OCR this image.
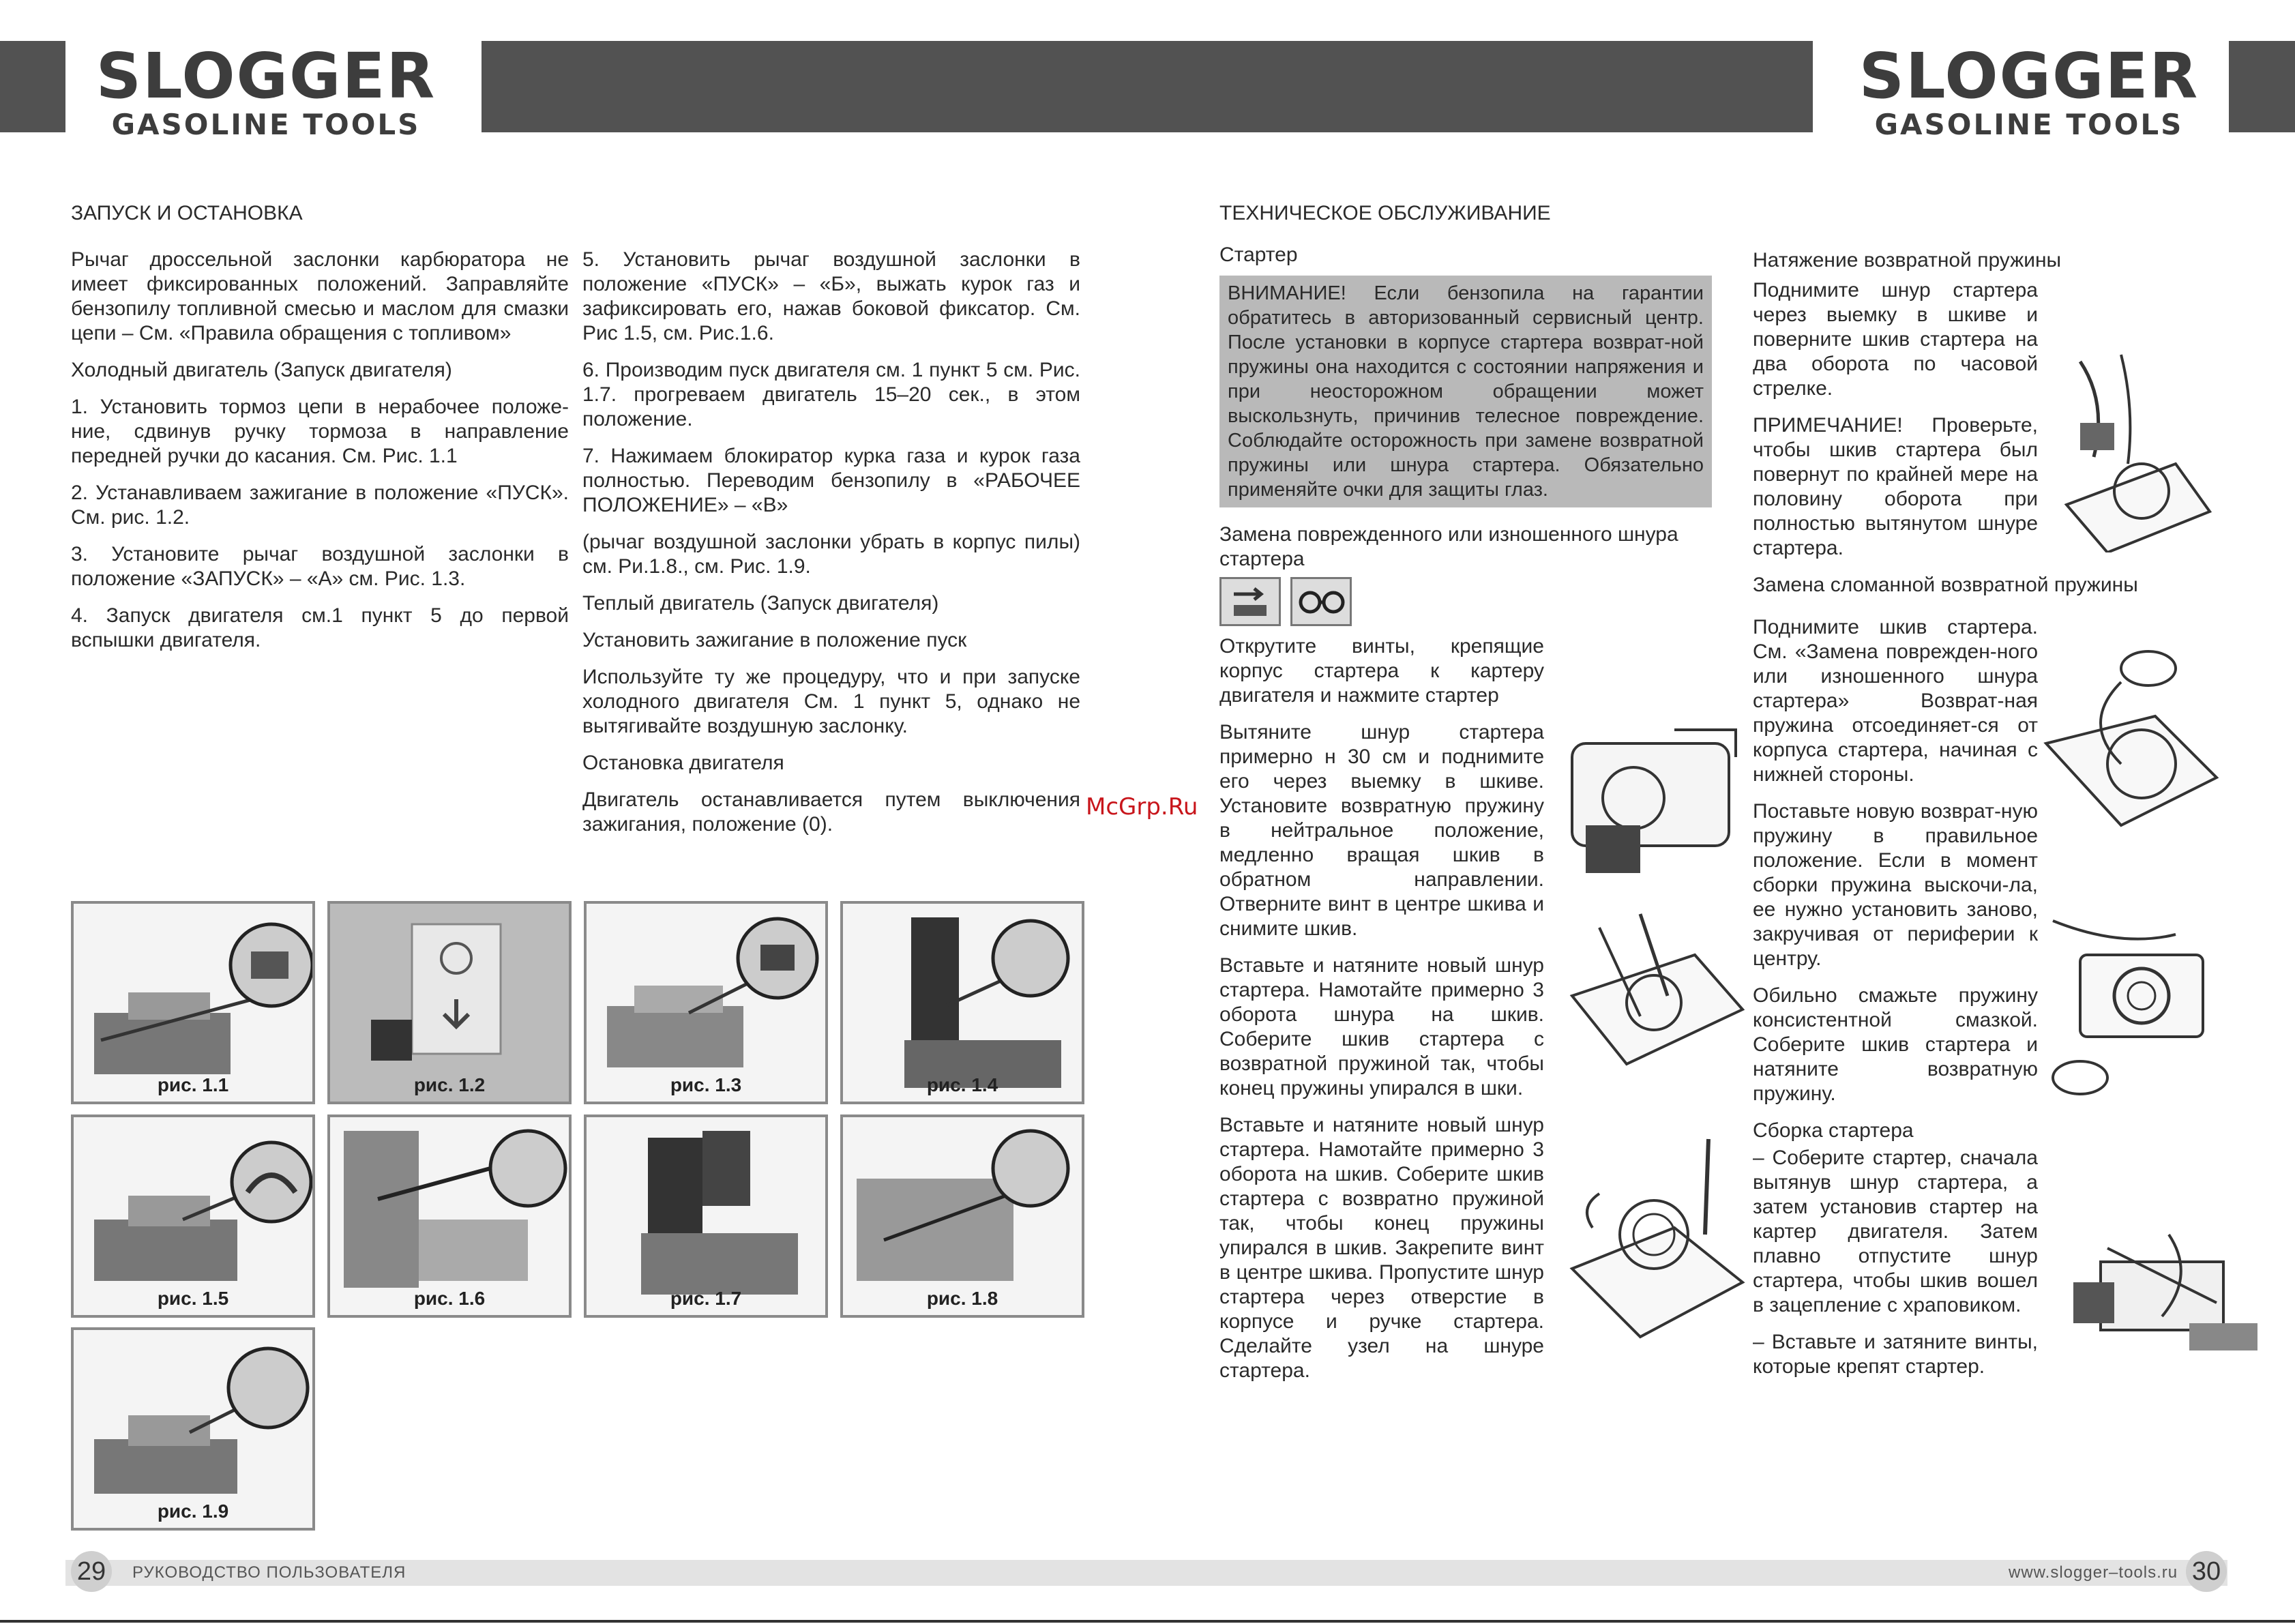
SLOGGER
GASOLINE TOOLS
SLOGGER
GASOLINE TOOLS
ЗАПУСК И ОСТАНОВКА

Рычаг дроссельной заслонки карбюратора не имеет фиксированных положений. Заправляйте бензопилу топливной смесью и маслом для смазки цепи – См. «Правила обращения с топливом»

Холодный двигатель (Запуск двигателя)

1. Установить тормоз цепи в нерабочее положе-ние, сдвинув ручку тормоза в направление передней ручки до касания. См. Рис. 1.1

2. Устанавливаем зажигание в положение «ПУСК». См. рис. 1.2.

3. Установите рычаг воздушной заслонки в положение «ЗАПУСК» – «А» см. Рис. 1.3.

4. Запуск двигателя см.1 пункт 5 до первой вспышки двигателя.

5. Установить рычаг воздушной заслонки в положение «ПУСК» – «Б», выжать курок газ и зафиксировать его, нажав боковой фиксатор. См. Рис 1.5, см. Рис.1.6.

6. Производим пуск двигателя см. 1 пункт 5 см. Рис. 1.7. прогреваем двигатель 15–20 сек., в этом положение.

7. Нажимаем блокиратор курка газа и курок газа полностью. Переводим бензопилу в «РАБОЧЕЕ ПОЛОЖЕНИЕ» – «В»

(рычаг воздушной заслонки убрать в корпус пилы) см. Ри.1.8., см. Рис. 1.9.

Теплый двигатель (Запуск двигателя)

Установить зажигание в положение пуск

Используйте ту же процедуру, что и при запуске холодного двигателя См. 1 пункт 5, однако не вытягивайте воздушную заслонку.

Остановка двигателя

Двигатель останавливается путем выключения зажигания, положение (0).

McGrp.Ru
рис. 1.1	рис. 1.2	рис. 1.3	рис. 1.4
рис. 1.5	рис. 1.6	рис. 1.7	рис. 1.8
рис. 1.9
ТЕХНИЧЕСКОЕ ОБСЛУЖИВАНИЕ
Стартер
ВНИМАНИЕ! Если бензопила на гарантии обратитесь в авторизованный сервисный центр. После установки в корпусе стартера возврат-ной пружины она находится с состоянии напряжения и при неосторожном обращении может выскользнуть, причинив телесное повреждение. Соблюдайте осторожность при замене возвратной пружины или шнура стартера. Обязательно применяйте очки для защиты глаз.
Замена поврежденного или изношенного шнура стартера

Открутите винты, крепящие корпус стартера к картеру двигателя и нажмите стартер

Вытяните шнур стартера примерно н 30 см и поднимите его через выемку в шкиве. Установите возвратную пружину в нейтральное положение, медленно вращая шкив в обратном направлении. Отверните винт в центре шкива и снимите шкив.

Вставьте и натяните новый шнур стартера. Намотайте примерно 3 оборота шнура на шкив. Соберите шкив стартера с возвратной пружиной так, чтобы конец пружины упирался в шки.

Вставьте и натяните новый шнур стартера. Намотайте примерно 3 оборота на шкив. Соберите шкив стартера с возвратно пружиной так, чтобы конец пружины упирался в шкив. Закрепите винт в центре шкива. Пропустите шнур стартера через отверстие в корпусе и ручке стартера. Сделайте узел на шнуре стартера.

Натяжение возвратной пружины

Поднимите шнур стартера через выемку в шкиве и поверните шкив стартера на два оборота по часовой стрелке.

ПРИМЕЧАНИЕ! Проверьте, чтобы шкив стартера был повернут по крайней мере на половину оборота при полностью вытянутом шнуре стартера.

Замена сломанной возвратной пружины

Поднимите шкив стартера. См. «Замена поврежден-ного или изношенного шнура стартера» Возврат-ная пружина отсоединяет-ся от корпуса стартера, начиная с нижней стороны.

Поставьте новую возврат-ную пружину в правильное положение. Если в момент сборки пружина выскочи-ла, ее нужно установить заново, закручивая от периферии к центру.

Обильно смажьте пружину консистентной смазкой. Соберите шкив стартера и натяните возвратную пружину.

Сборка стартера

– Соберите стартер, сначала вытянув шнур стартера, а затем установив стартер на картер двигателя. Затем плавно отпустите шнур стартера, чтобы шкив вошел в зацепление с храповиком.

– Вставьте и затяните винты, которые крепят стартер.

29	РУКОВОДСТВО ПОЛЬЗОВАТЕЛЯ	www.slogger–tools.ru 30
